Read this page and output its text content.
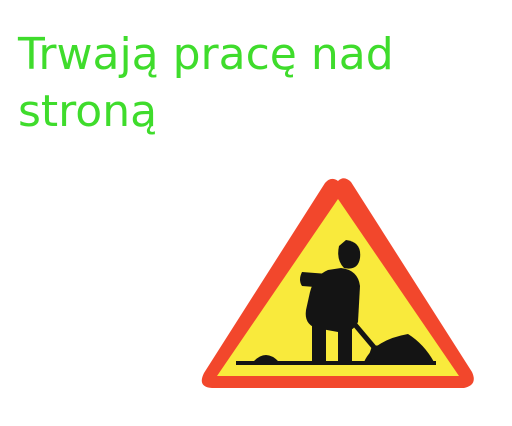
Trwają pracę nad stroną
